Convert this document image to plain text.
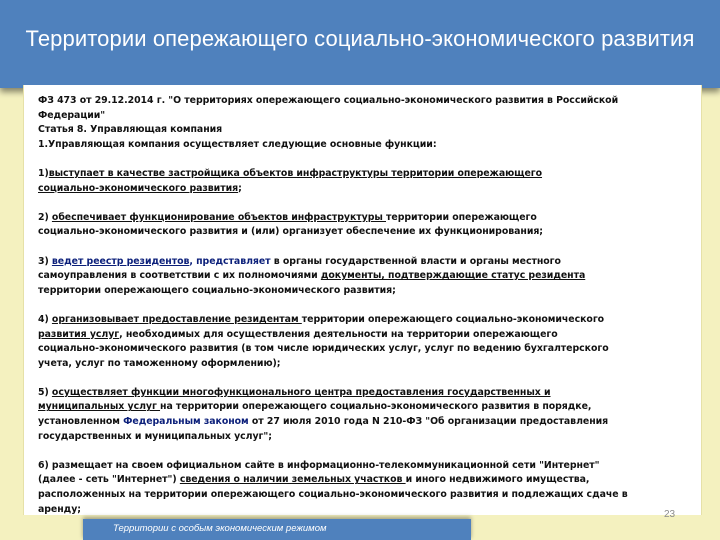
Территории опережающего социально-экономического развития

ФЗ 473 от 29.12.2014 г. "О территориях опережающего социально-экономического развития в Российской

Федерации"

Статья 8. Управляющая компания

1.Управляющая компания осуществляет следующие основные функции:

1)выступает в качестве застройщика объектов инфраструктуры территории опережающего

социально-экономического развития;

2) обеспечивает функционирование объектов инфраструктуры территории опережающего

социально-экономического развития и (или) организует обеспечение их функционирования;

3) ведет реестр резидентов, представляет в органы государственной власти и органы местного

самоуправления в соответствии с их полномочиями документы, подтверждающие статус резидента

территории опережающего социально-экономического развития;

4) организовывает предоставление резидентам территории опережающего социально-экономического

развития услуг, необходимых для осуществления деятельности на территории опережающего

социально-экономического развития (в том числе юридических услуг, услуг по ведению бухгалтерского

учета, услуг по таможенному оформлению);

5) осуществляет функции многофункционального центра предоставления государственных и

муниципальных услуг на территории опережающего социально-экономического развития в порядке,

установленном Федеральным законом от 27 июля 2010 года N 210-ФЗ "Об организации предоставления

государственных и муниципальных услуг";

6) размещает на своем официальном сайте в информационно-телекоммуникационной сети "Интернет"

(далее - сеть "Интернет") сведения о наличии земельных участков и иного недвижимого имущества,

расположенных на территории опережающего социально-экономического развития и подлежащих сдаче в

аренду;	23
Территории с особым экономическим режимом
